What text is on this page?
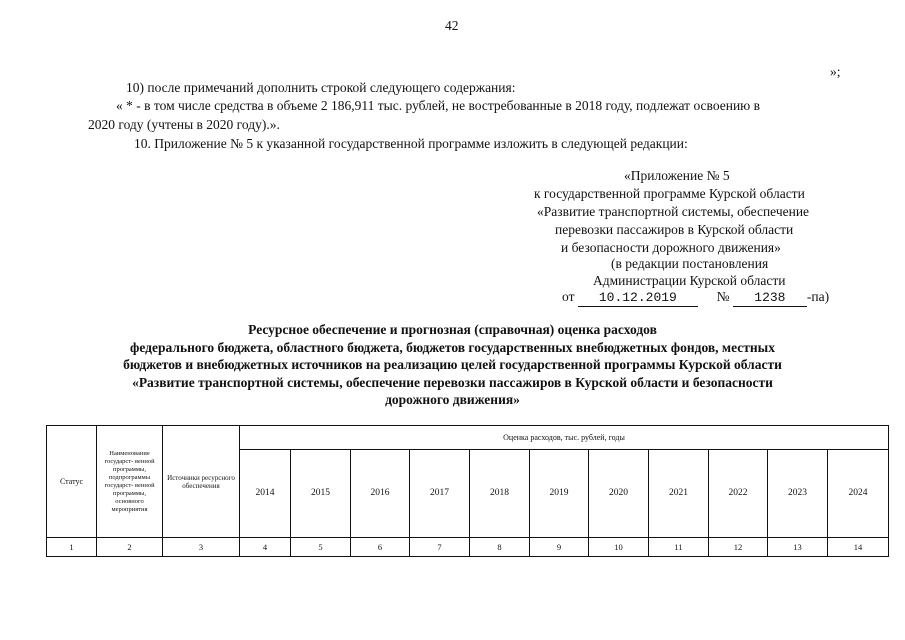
42
»;
10) после примечаний дополнить строкой следующего содержания:
« * - в том числе средства в объеме 2 186,911 тыс. рублей, не востребованные в 2018 году, подлежат освоению в
2020 году (учтены в 2020 году).».
10. Приложение № 5 к указанной государственной программе изложить в следующей редакции:
«Приложение № 5
к государственной программе Курской области
«Развитие транспортной системы, обеспечение
перевозки пассажиров в Курской области
и безопасности дорожного движения»
(в редакции постановления
Администрации Курской области
от 10.12.2019	№ 1238 -па)
Ресурсное обеспечение и прогнозная (справочная) оценка расходов
федерального бюджета, областного бюджета, бюджетов государственных внебюджетных фондов, местных
бюджетов и внебюджетных источников на реализацию целей государственной программы Курской области
«Развитие транспортной системы, обеспечение перевозки пассажиров в Курской области и безопасности
дорожного движения»
Статус	Наименование государст- венной программы, подпрограммы государст- венной программы, основного мероприятия	Источники ресурсного обеспечения	Оценка расходов, тыс. рублей, годы										
			2014	2015	2016	2017	2018	2019	2020	2021	2022	2023	2024
1	2	3	4	5	6	7	8	9	10	11	12	13	14
